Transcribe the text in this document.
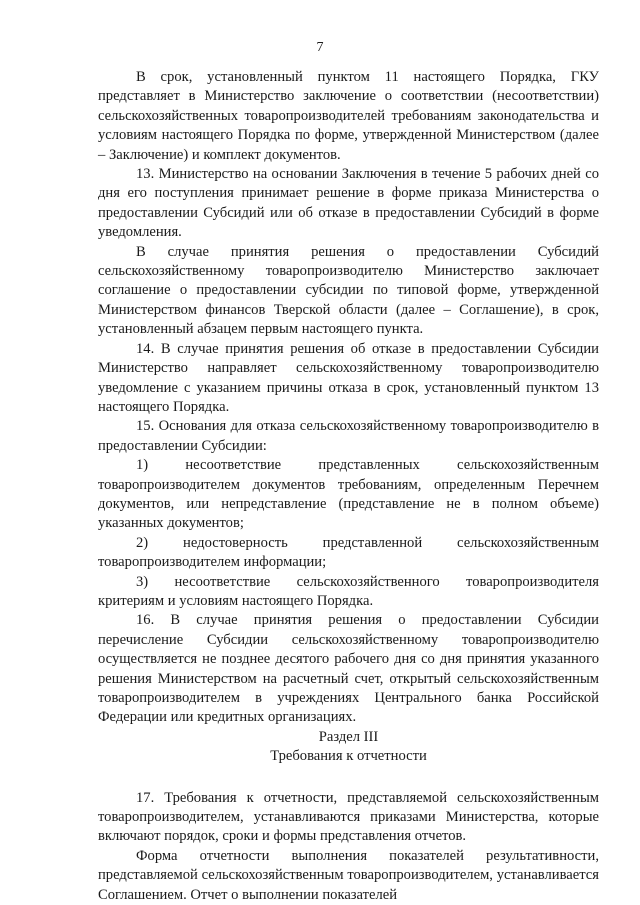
7

В срок, установленный пунктом 11 настоящего Порядка, ГКУ представляет в Министерство заключение о соответствии (несоответствии) сельскохозяйственных товаропроизводителей требованиям законодательства и условиям настоящего Порядка по форме, утвержденной Министерством (далее – Заключение) и комплект документов.

13. Министерство на основании Заключения в течение 5 рабочих дней со дня его поступления принимает решение в форме приказа Министерства о предоставлении Субсидий или об отказе в предоставлении Субсидий в форме уведомления.

В случае принятия решения о предоставлении Субсидий сельскохозяйственному товаропроизводителю Министерство заключает соглашение о предоставлении субсидии по типовой форме, утвержденной Министерством финансов Тверской области (далее – Соглашение), в срок, установленный абзацем первым настоящего пункта.

14. В случае принятия решения об отказе в предоставлении Субсидии Министерство направляет сельскохозяйственному товаропроизводителю уведомление с указанием причины отказа в срок, установленный пунктом 13 настоящего Порядка.

15. Основания для отказа сельскохозяйственному товаропроизводителю в предоставлении Субсидии:

1) несоответствие представленных сельскохозяйственным товаропроизводителем документов требованиям, определенным Перечнем документов, или непредставление (представление не в полном объеме) указанных документов;

2) недостоверность представленной сельскохозяйственным товаропроизводителем информации;

3) несоответствие сельскохозяйственного товаропроизводителя критериям и условиям настоящего Порядка.

16. В случае принятия решения о предоставлении Субсидии перечисление Субсидии сельскохозяйственному товаропроизводителю осуществляется не позднее десятого рабочего дня со дня принятия указанного решения Министерством на расчетный счет, открытый сельскохозяйственным товаропроизводителем в учреждениях Центрального банка Российской Федерации или кредитных организациях.

Раздел III

Требования к отчетности

17. Требования к отчетности, представляемой сельскохозяйственным товаропроизводителем, устанавливаются приказами Министерства, которые включают порядок, сроки и формы представления отчетов.

Форма отчетности выполнения показателей результативности, представляемой сельскохозяйственным товаропроизводителем, устанавливается Соглашением. Отчет о выполнении показателей
